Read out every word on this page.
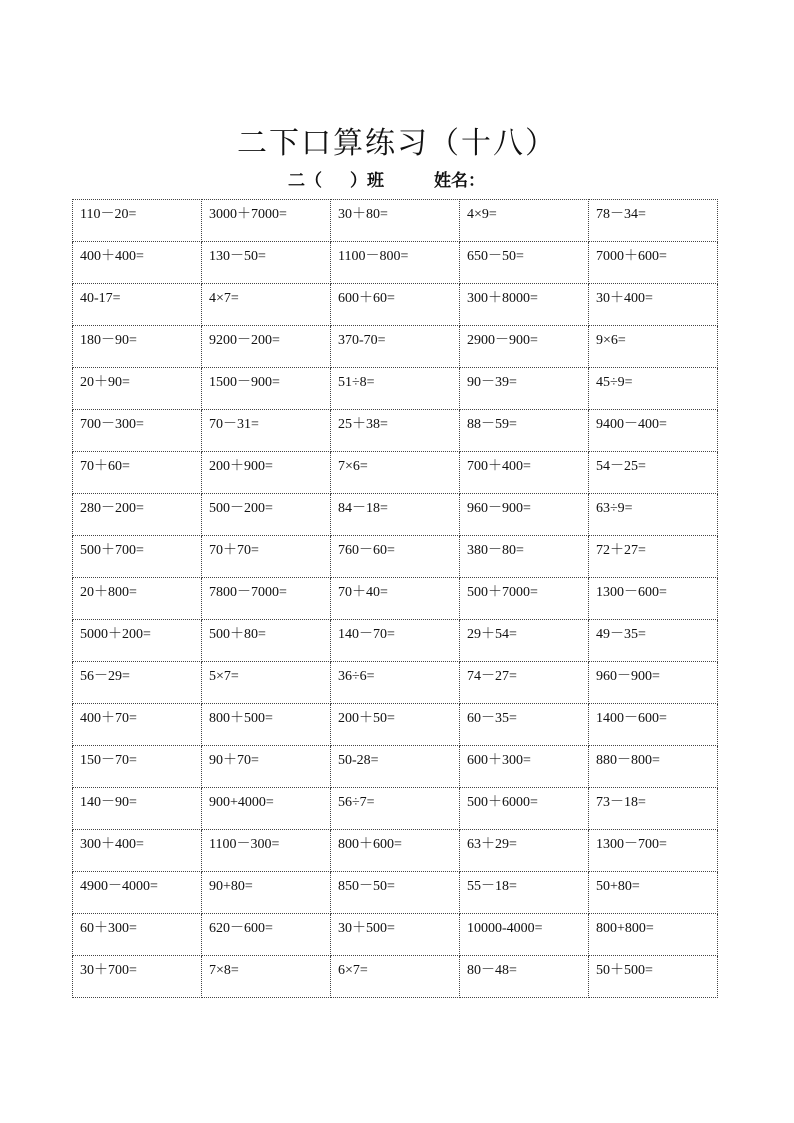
二下口算练习（十八）
二（ ）班	姓名：
110－20=	3000＋7000=	30＋80=	4×9=	78－34=
400＋400=	130－50=	1100－800=	650－50=	7000＋600=
40-17=	4×7=	600＋60=	300＋8000=	30＋400=
180－90=	9200－200=	370-70=	2900－900=	9×6=
20＋90=	1500－900=	51÷8=	90－39=	45÷9=
700－300=	70－31=	25＋38=	88－59=	9400－400=
70＋60=	200＋900=	7×6=	700＋400=	54－25=
280－200=	500－200=	84－18=	960－900=	63÷9=
500＋700=	70＋70=	760－60=	380－80=	72＋27=
20＋800=	7800－7000=	70＋40=	500＋7000=	1300－600=
5000＋200=	500＋80=	140－70=	29＋54=	49－35=
56－29=	5×7=	36÷6=	74－27=	960－900=
400＋70=	800＋500=	200＋50=	60－35=	1400－600=
150－70=	90＋70=	50-28=	600＋300=	880－800=
140－90=	900+4000=	56÷7=	500＋6000=	73－18=
300＋400=	1100－300=	800＋600=	63＋29=	1300－700=
4900－4000=	90+80=	850－50=	55－18=	50+80=
60＋300=	620－600=	30＋500=	10000-4000=	800+800=
30＋700=	7×8=	6×7=	80－48=	50＋500=
